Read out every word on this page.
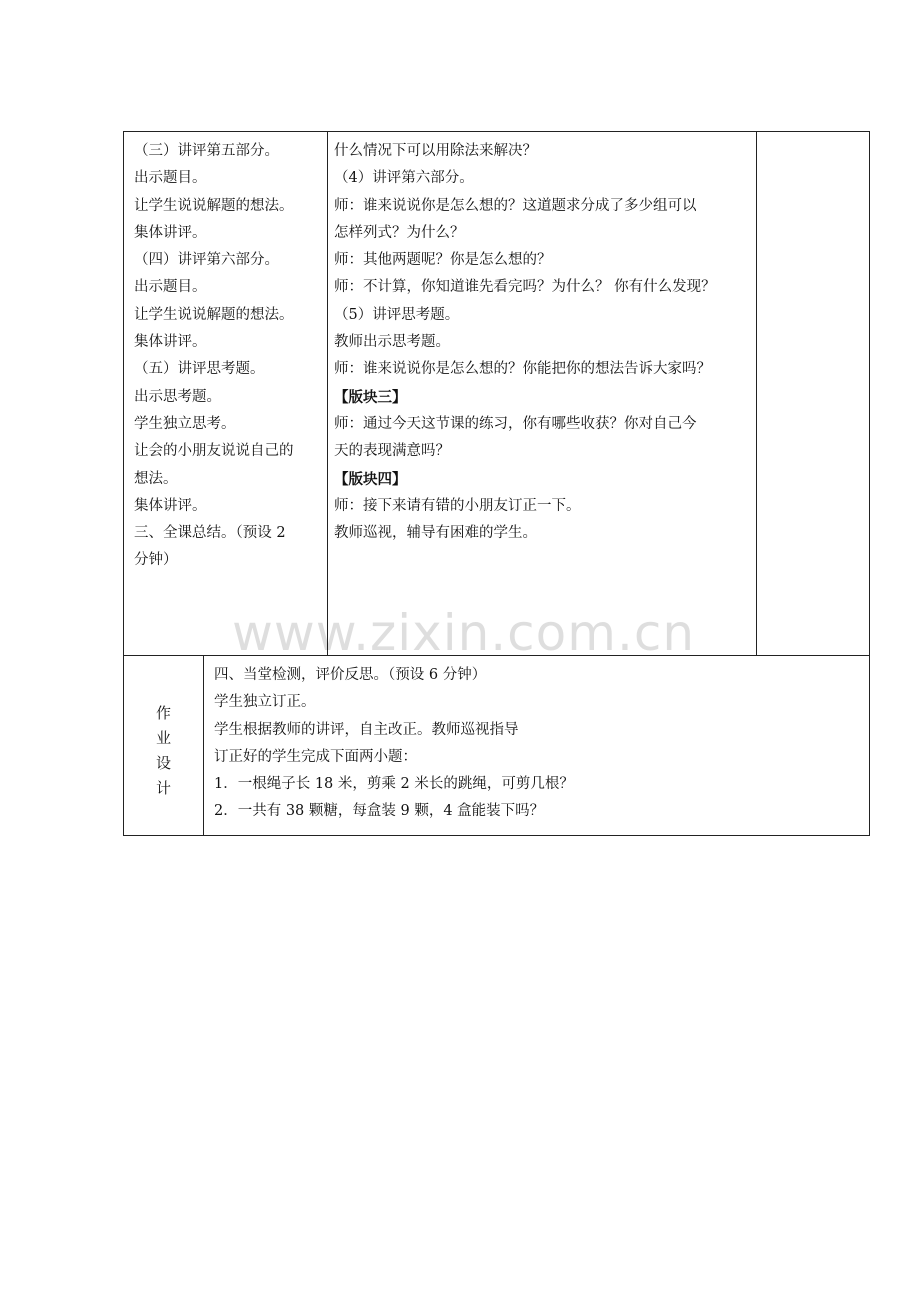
（三）讲评第五部分。
出示题目。
让学生说说解题的想法。
集体讲评。
（四）讲评第六部分。
出示题目。
让学生说说解题的想法。
集体讲评。
（五）讲评思考题。
出示思考题。
学生独立思考。
让会的小朋友说说自己的
想法。
集体讲评。
三、全课总结。（预设 2
分钟）
什么情况下可以用除法来解决？
（4）讲评第六部分。
师：谁来说说你是怎么想的？这道题求分成了多少组可以
怎样列式？为什么？
师：其他两题呢？你是怎么想的？
师：不计算，你知道谁先看完吗？为什么？ 你有什么发现？
（5）讲评思考题。
教师出示思考题。
师：谁来说说你是怎么想的？你能把你的想法告诉大家吗？
【版块三】
师：通过今天这节课的练习，你有哪些收获？你对自己今
天的表现满意吗？
【版块四】
师：接下来请有错的小朋友订正一下。
教师巡视，辅导有困难的学生。
作
业
设
计
四、当堂检测，评价反思。（预设 6 分钟）
学生独立订正。
学生根据教师的讲评，自主改正。教师巡视指导
订正好的学生完成下面两小题：
1．一根绳子长 18 米，剪乘 2 米长的跳绳，可剪几根？
2．一共有 38 颗糖，每盒装 9 颗，4 盒能装下吗？
www.zixin.com.cn
